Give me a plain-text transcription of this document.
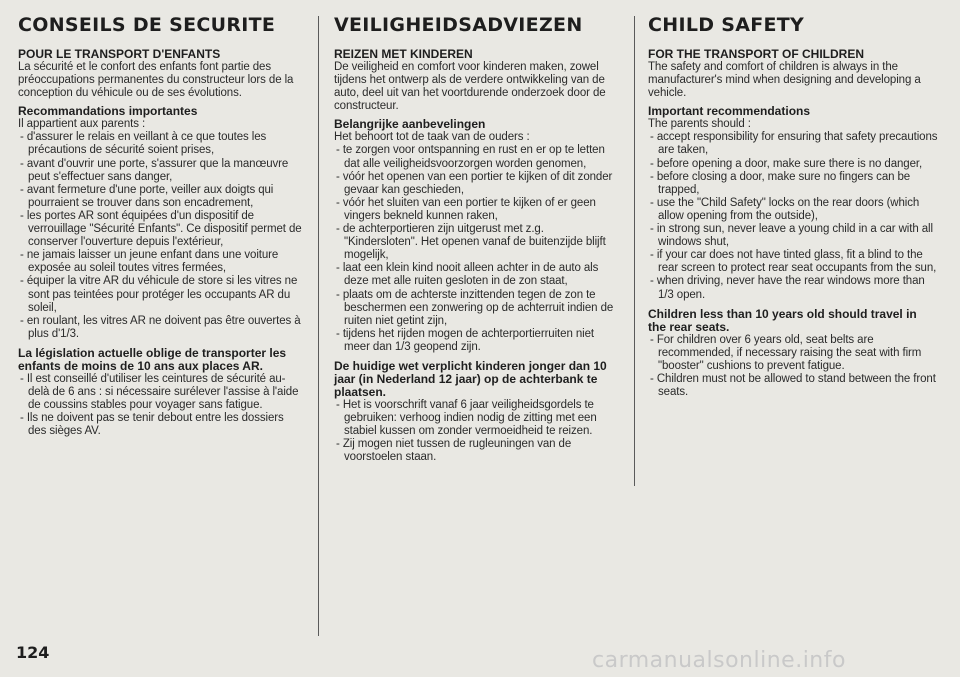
CONSEILS DE SECURITE

POUR LE TRANSPORT D'ENFANTS

La sécurité et le confort des enfants font partie des préoccupations permanentes du constructeur lors de la conception du véhicule ou de ses évolutions.

Recommandations importantes

Il appartient aux parents :

- d'assurer le relais en veillant à ce que toutes les précautions de sécurité soient prises,
- avant d'ouvrir une porte, s'assurer que la manœuvre peut s'effectuer sans danger,
- avant fermeture d'une porte, veiller aux doigts qui pourraient se trouver dans son encadrement,
- les portes AR sont équipées d'un dispositif de verrouillage "Sécurité Enfants". Ce dispositif permet de conserver l'ouverture depuis l'extérieur,
- ne jamais laisser un jeune enfant dans une voiture exposée au soleil toutes vitres fermées,
- équiper la vitre AR du véhicule de store si les vitres ne sont pas teintées pour protéger les occupants AR du soleil,
- en roulant, les vitres AR ne doivent pas être ouvertes à plus d'1/3.

La législation actuelle oblige de transporter les enfants de moins de 10 ans aux places AR.

- Il est conseillé d'utiliser les ceintures de sécurité au-delà de 6 ans : si nécessaire surélever l'assise à l'aide de coussins stables pour voyager sans fatigue.
- Ils ne doivent pas se tenir debout entre les dossiers des sièges AV.
VEILIGHEIDSADVIEZEN

REIZEN MET KINDEREN

De veiligheid en comfort voor kinderen maken, zowel tijdens het ontwerp als de verdere ontwikkeling van de auto, deel uit van het voortdurende onderzoek door de constructeur.

Belangrijke aanbevelingen

Het behoort tot de taak van de ouders :

- te zorgen voor ontspanning en rust en er op te letten dat alle veiligheidsvoorzorgen worden genomen,
- vóór het openen van een portier te kijken of dit zonder gevaar kan geschieden,
- vóór het sluiten van een portier te kijken of er geen vingers bekneld kunnen raken,
- de achterportieren zijn uitgerust met z.g. "Kindersloten". Het openen vanaf de buitenzijde blijft mogelijk,
- laat een klein kind nooit alleen achter in de auto als deze met alle ruiten gesloten in de zon staat,
- plaats om de achterste inzittenden tegen de zon te beschermen een zonwering op de achterruit indien de ruiten niet getint zijn,
- tijdens het rijden mogen de achterportierruiten niet meer dan 1/3 geopend zijn.

De huidige wet verplicht kinderen jonger dan 10 jaar (in Nederland 12 jaar) op de achterbank te plaatsen.

- Het is voorschrift vanaf 6 jaar veiligheidsgordels te gebruiken: verhoog indien nodig de zitting met een stabiel kussen om zonder vermoeidheid te reizen.
- Zij mogen niet tussen de rugleuningen van de voorstoelen staan.
CHILD SAFETY

FOR THE TRANSPORT OF CHILDREN

The safety and comfort of children is always in the manufacturer's mind when designing and developing a vehicle.

Important recommendations

The parents should :

- accept responsibility for ensuring that safety precautions are taken,
- before opening a door, make sure there is no danger,
- before closing a door, make sure no fingers can be trapped,
- use the "Child Safety" locks on the rear doors (which allow opening from the outside),
- in strong sun, never leave a young child in a car with all windows shut,
- if your car does not have tinted glass, fit a blind to the rear screen to protect rear seat occupants from the sun,
- when driving, never have the rear windows more than 1/3 open.

Children less than 10 years old should travel in the rear seats.

- For children over 6 years old, seat belts are recommended, if necessary raising the seat with firm "booster" cushions to prevent fatigue.
- Children must not be allowed to stand between the front seats.
124	carmanualsonline.info
